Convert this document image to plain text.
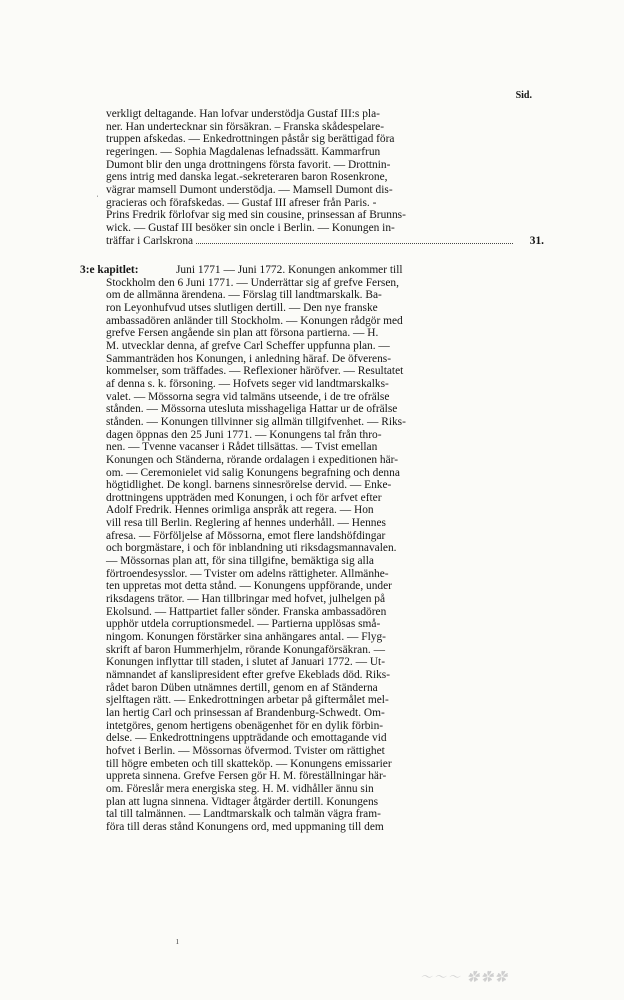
Sid.
ˈ
verkligt deltagande. Han lofvar understödja Gustaf III:s pla-
ner. Han undertecknar sin försäkran. – Franska skådespelare-
truppen afskedas. — Enkedrottningen påstår sig berättigad föra
regeringen. — Sophia Magdalenas lefnadssätt. Kammarfrun
Dumont blir den unga drottningens första favorit. — Drottnin-
gens intrig med danska legat.-sekreteraren baron Rosenkrone,
vägrar mamsell Dumont understödja. — Mamsell Dumont dis-
gracieras och förafskedas. — Gustaf III afreser från Paris. -
Prins Fredrik förlofvar sig med sin cousine, prinsessan af Brunns-
wick. — Gustaf III besöker sin oncle i Berlin. — Konungen in-
träffar i Carlskrona	31.
3:e kapitlet:	Juni 1771 — Juni 1772. Konungen ankommer till
Stockholm den 6 Juni 1771. — Underrättar sig af grefve Fersen,
om de allmänna ärendena. — Förslag till landtmarskalk. Ba-
ron Leyonhufvud utses slutligen dertill. — Den nye franske
ambassadören anländer till Stockholm. — Konungen rådgör med
grefve Fersen angående sin plan att försona partierna. — H.
M. utvecklar denna, af grefve Carl Scheffer uppfunna plan. —
Sammanträden hos Konungen, i anledning häraf. De öfverens-
kommelser, som träffades. — Reflexioner häröfver. — Resultatet
af denna s. k. försoning. — Hofvets seger vid landtmarskalks-
valet. — Mössorna segra vid talmäns utseende, i de tre ofrälse
stånden. — Mössorna utesluta misshageliga Hattar ur de ofrälse
stånden. — Konungen tillvinner sig allmän tillgifvenhet. — Riks-
dagen öppnas den 25 Juni 1771. — Konungens tal från thro-
nen. — Tvenne vacanser i Rådet tillsättas. — Tvist emellan
Konungen och Ständerna, rörande ordalagen i expeditionen här-
om. — Ceremonielet vid salig Konungens begrafning och denna
högtidlighet. De kongl. barnens sinnesrörelse dervid. — Enke-
drottningens uppträden med Konungen, i och för arfvet efter
Adolf Fredrik. Hennes orimliga anspråk att regera. — Hon
vill resa till Berlin. Reglering af hennes underhåll. — Hennes
afresa. — Förföljelse af Mössorna, emot flere landshöfdingar
och borgmästare, i och för inblandning uti riksdagsmannavalen.
— Mössornas plan att, för sina tillgifne, bemäktiga sig alla
förtroendesysslor. — Tvister om adelns rättigheter. Allmänhe-
ten uppretas mot detta stånd. — Konungens uppförande, under
riksdagens trätor. — Han tillbringar med hofvet, julhelgen på
Ekolsund. — Hattpartiet faller sönder. Franska ambassadören
upphör utdela corruptionsmedel. — Partierna upplösas små-
ningom. Konungen förstärker sina anhängares antal. — Flyg-
skrift af baron Hummerhjelm, rörande Konungaförsäkran. —
Konungen inflyttar till staden, i slutet af Januari 1772. — Ut-
nämnandet af kanslipresident efter grefve Ekeblads död. Riks-
rådet baron Düben utnämnes dertill, genom en af Ständerna
sjelftagen rätt. — Enkedrottningen arbetar på giftermålet mel-
lan hertig Carl och prinsessan af Brandenburg-Schwedt. Om-
intetgöres, genom hertigens obenägenhet för en dylik förbin-
delse. — Enkedrottningens uppträdande och emottagande vid
hofvet i Berlin. — Mössornas öfvermod. Tvister om rättighet
till högre embeten och till skatteköp. — Konungens emissarier
uppreta sinnena. Grefve Fersen gör H. M. föreställningar här-
om. Föreslår mera energiska steg. H. M. vidhåller ännu sin
plan att lugna sinnena. Vidtager åtgärder dertill. Konungens
tal till talmännen. — Landtmarskalk och talmän vägra fram-
föra till deras stånd Konungens ord, med uppmaning till dem
ı
～～～ ✿✿✿
